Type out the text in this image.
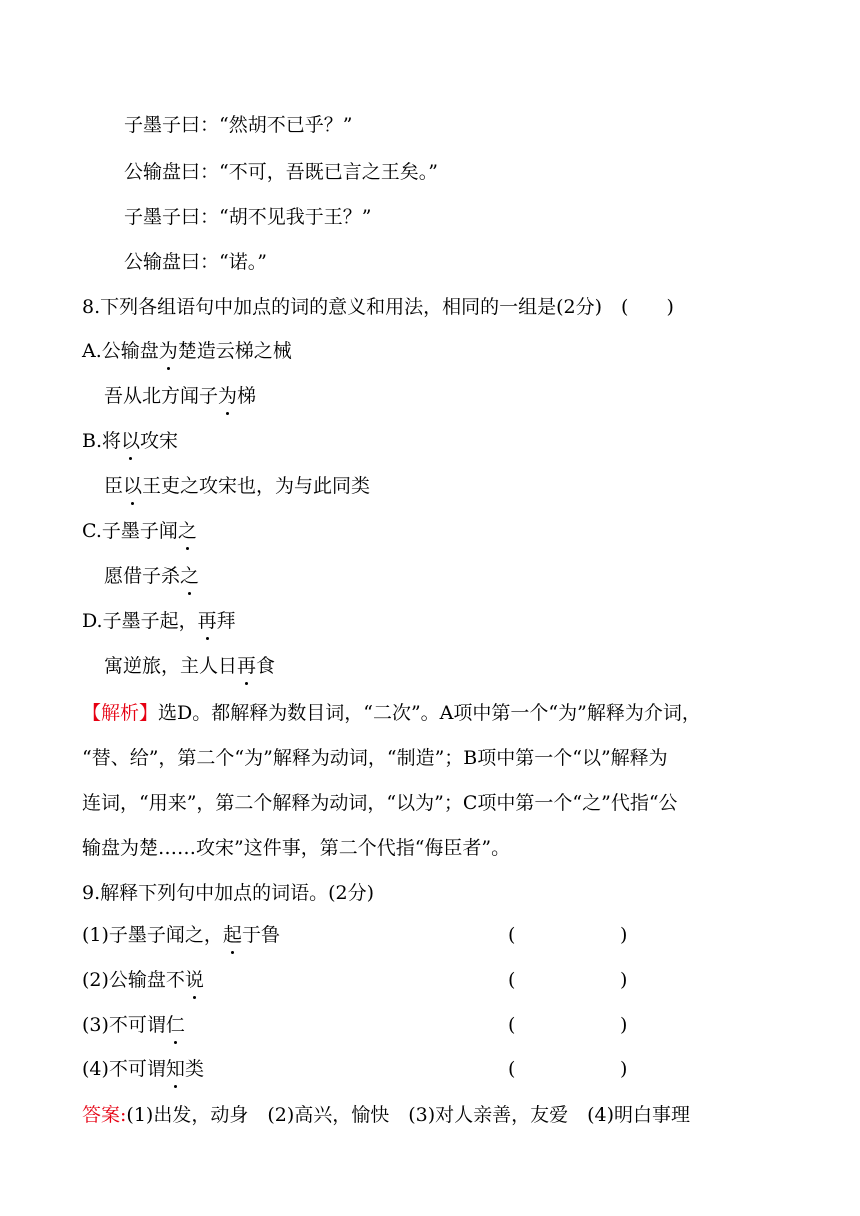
子墨子曰：“然胡不已乎？”
公输盘曰：“不可，吾既已言之王矣。”
子墨子曰：“胡不见我于王？”
公输盘曰：“诺。”
8.下列各组语句中加点的词的意义和用法，相同的一组是(2分)　(　　)
A.公输盘为楚造云梯之械
吾从北方闻子为梯
B.将以攻宋
臣以王吏之攻宋也，为与此同类
C.子墨子闻之
愿借子杀之
D.子墨子起，再拜
寓逆旅，主人日再食
【解析】选D。都解释为数目词，“二次”。A项中第一个“为”解释为介词，
“替、给”，第二个“为”解释为动词，“制造”；B项中第一个“以”解释为
连词，“用来”，第二个解释为动词，“以为”；C项中第一个“之”代指“公
输盘为楚……攻宋”这件事，第二个代指“侮臣者”。
9.解释下列句中加点的词语。(2分)
(1)子墨子闻之，起于鲁	(	)
(2)公输盘不说	(	)
(3)不可谓仁	(	)
(4)不可谓知类	(	)
答案:(1)出发，动身　(2)高兴，愉快　(3)对人亲善，友爱　(4)明白事理
